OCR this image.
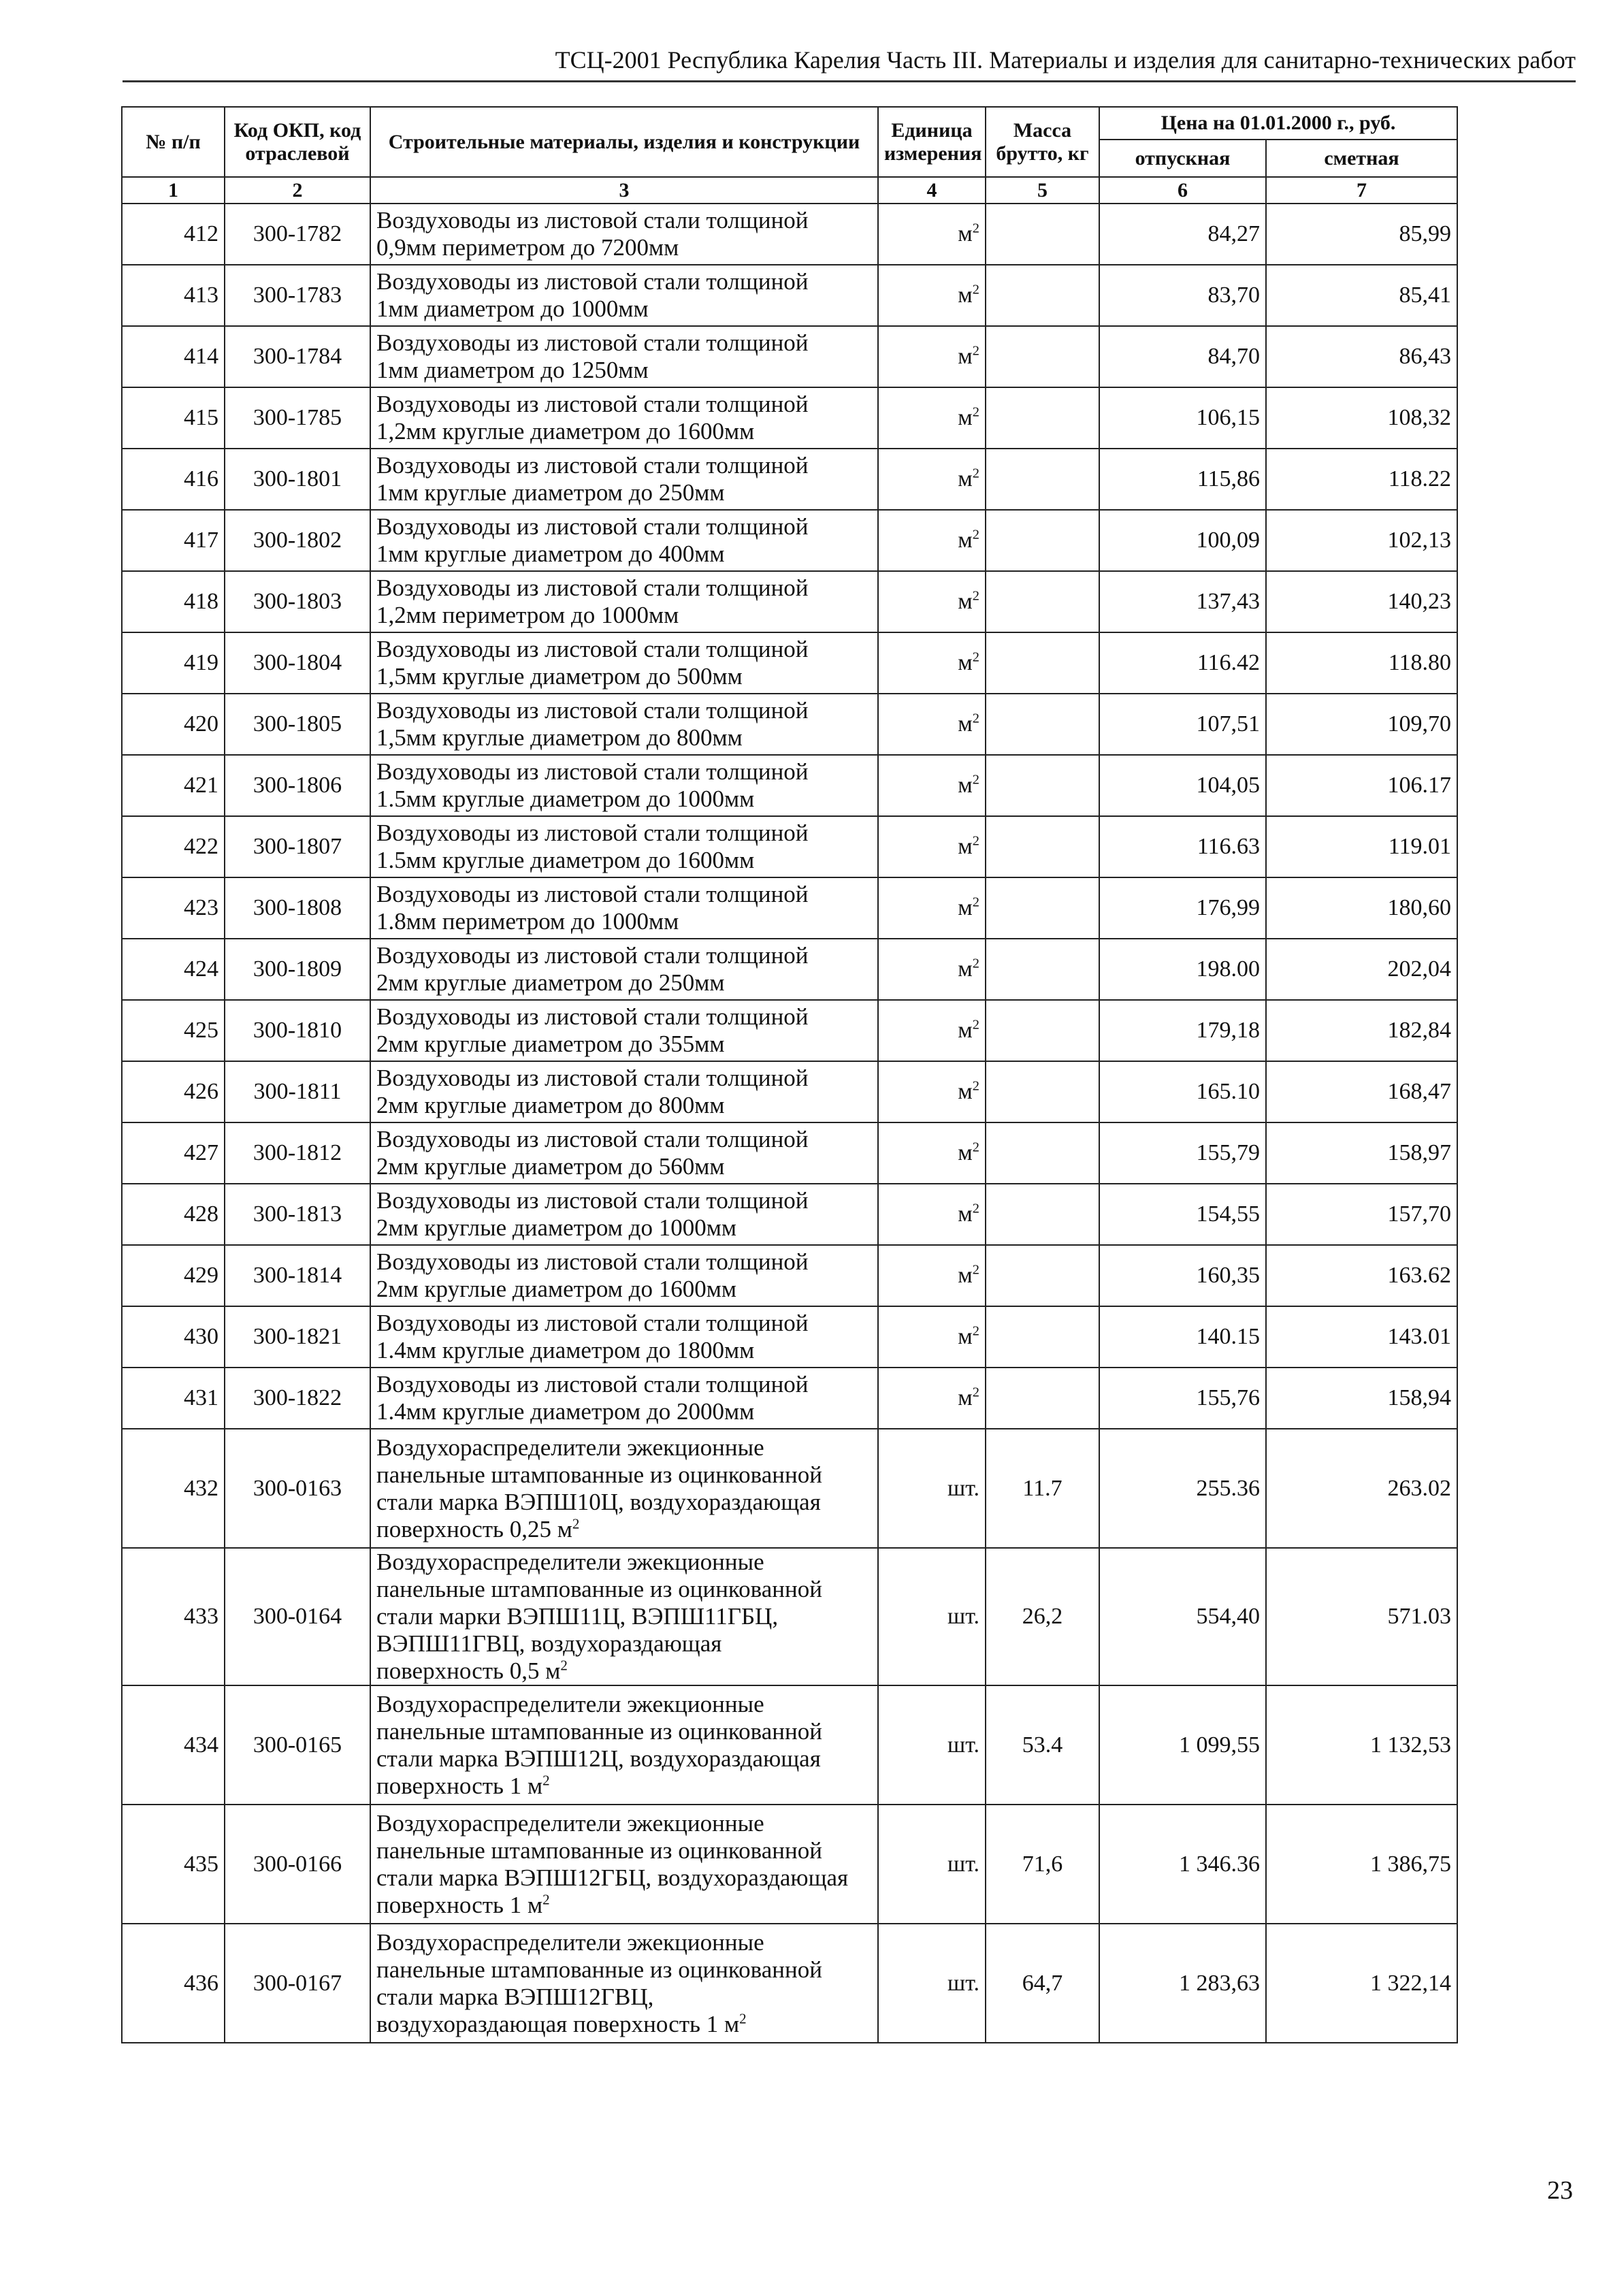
ТСЦ-2001 Республика Карелия Часть III. Материалы и изделия для санитарно-технических работ
№ п/п	Код ОКП, код отраслевой	Строительные материалы, изделия и конструкции	Единица измерения	Масса брутто, кг	Цена на 01.01.2000 г., руб.	
					отпускная	сметная
1	2	3	4	5	6	7
412	300-1782	Воздуховоды из листовой стали толщиной
0,9мм периметром до 7200мм	$м^2$		84,27	85,99
413	300-1783	Воздуховоды из листовой стали толщиной
1мм диаметром до 1000мм	$м^2$		83,70	85,41
414	300-1784	Воздуховоды из листовой стали толщиной
1мм диаметром до 1250мм	$м^2$		84,70	86,43
415	300-1785	Воздуховоды из листовой стали толщиной
1,2мм круглые диаметром до 1600мм	$м^2$		106,15	108,32
416	300-1801	Воздуховоды из листовой стали толщиной
1мм круглые диаметром до 250мм	$м^2$		115,86	118.22
417	300-1802	Воздуховоды из листовой стали толщиной
1мм круглые диаметром до 400мм	$м^2$		100,09	102,13
418	300-1803	Воздуховоды из листовой стали толщиной
1,2мм периметром до 1000мм	$м^2$		137,43	140,23
419	300-1804	Воздуховоды из листовой стали толщиной
1,5мм круглые диаметром до 500мм	$м^2$		116.42	118.80
420	300-1805	Воздуховоды из листовой стали толщиной
1,5мм круглые диаметром до 800мм	$м^2$		107,51	109,70
421	300-1806	Воздуховоды из листовой стали толщиной
1.5мм круглые диаметром до 1000мм	$м^2$		104,05	106.17
422	300-1807	Воздуховоды из листовой стали толщиной
1.5мм круглые диаметром до 1600мм	$м^2$		116.63	119.01
423	300-1808	Воздуховоды из листовой стали толщиной
1.8мм периметром до 1000мм	$м^2$		176,99	180,60
424	300-1809	Воздуховоды из листовой стали толщиной
2мм круглые диаметром до 250мм	$м^2$		198.00	202,04
425	300-1810	Воздуховоды из листовой стали толщиной
2мм круглые диаметром до 355мм	$м^2$		179,18	182,84
426	300-1811	Воздуховоды из листовой стали толщиной
2мм круглые диаметром до 800мм	$м^2$		165.10	168,47
427	300-1812	Воздуховоды из листовой стали толщиной
2мм круглые диаметром до 560мм	$м^2$		155,79	158,97
428	300-1813	Воздуховоды из листовой стали толщиной
2мм круглые диаметром до 1000мм	$м^2$		154,55	157,70
429	300-1814	Воздуховоды из листовой стали толщиной
2мм круглые диаметром до 1600мм	$м^2$		160,35	163.62
430	300-1821	Воздуховоды из листовой стали толщиной
1.4мм круглые диаметром до 1800мм	$м^2$		140.15	143.01
431	300-1822	Воздуховоды из листовой стали толщиной
1.4мм круглые диаметром до 2000мм	$м^2$		155,76	158,94
432	300-0163	Воздухораспределители эжекционные
панельные штампованные из оцинкованной
стали марка ВЭПШ10Ц, воздухораздающая
поверхность 0,25 $м^2$	шт.	11.7	255.36	263.02
433	300-0164	Воздухораспределители эжекционные
панельные штампованные из оцинкованной
стали марки ВЭПШ11Ц, ВЭПШ11ГБЦ,
ВЭПШ11ГВЦ, воздухораздающая
поверхность 0,5 $м^2$	шт.	26,2	554,40	571.03
434	300-0165	Воздухораспределители эжекционные
панельные штампованные из оцинкованной
стали марка ВЭПШ12Ц, воздухораздающая
поверхность 1 $м^2$	шт.	53.4	1 099,55	1 132,53
435	300-0166	Воздухораспределители эжекционные
панельные штампованные из оцинкованной
стали марка ВЭПШ12ГБЦ, воздухораздающая
поверхность 1 $м^2$	шт.	71,6	1 346.36	1 386,75
436	300-0167	Воздухораспределители эжекционные
панельные штампованные из оцинкованной
стали марка ВЭПШ12ГВЦ,
воздухораздающая поверхность 1 $м^2$	шт.	64,7	1 283,63	1 322,14
23
